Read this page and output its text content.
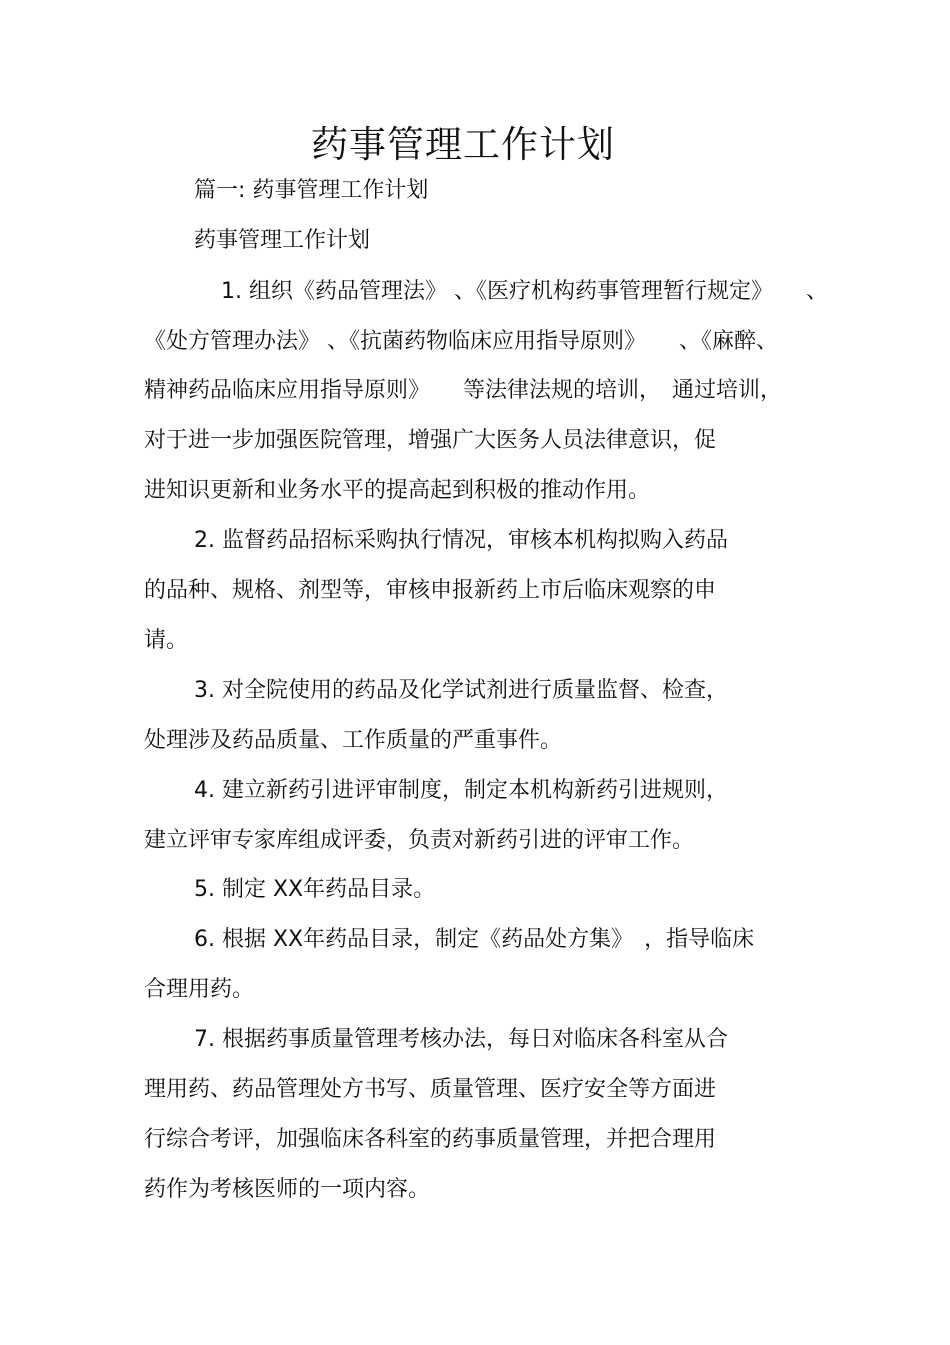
药事管理工作计划

篇一: 药事管理工作计划

药事管理工作计划

1. 组织《药品管理法》 、《医疗机构药事管理暂行规定》　　、

《处方管理办法》 、《抗菌药物临床应用指导原则》　　、《麻醉、

精神药品临床应用指导原则》　　等法律法规的培训，　通过培训，

对于进一步加强医院管理，增强广大医务人员法律意识，促

进知识更新和业务水平的提高起到积极的推动作用。

2. 监督药品招标采购执行情况，审核本机构拟购入药品

的品种、规格、剂型等，审核申报新药上市后临床观察的申

请。

3. 对全院使用的药品及化学试剂进行质量监督、检查，

处理涉及药品质量、工作质量的严重事件。

4. 建立新药引进评审制度，制定本机构新药引进规则，

建立评审专家库组成评委，负责对新药引进的评审工作。

5. 制定 XX年药品目录。

6. 根据 XX年药品目录，制定《药品处方集》　，指导临床

合理用药。

7. 根据药事质量管理考核办法，每日对临床各科室从合

理用药、药品管理处方书写、质量管理、医疗安全等方面进

行综合考评，加强临床各科室的药事质量管理，并把合理用

药作为考核医师的一项内容。
